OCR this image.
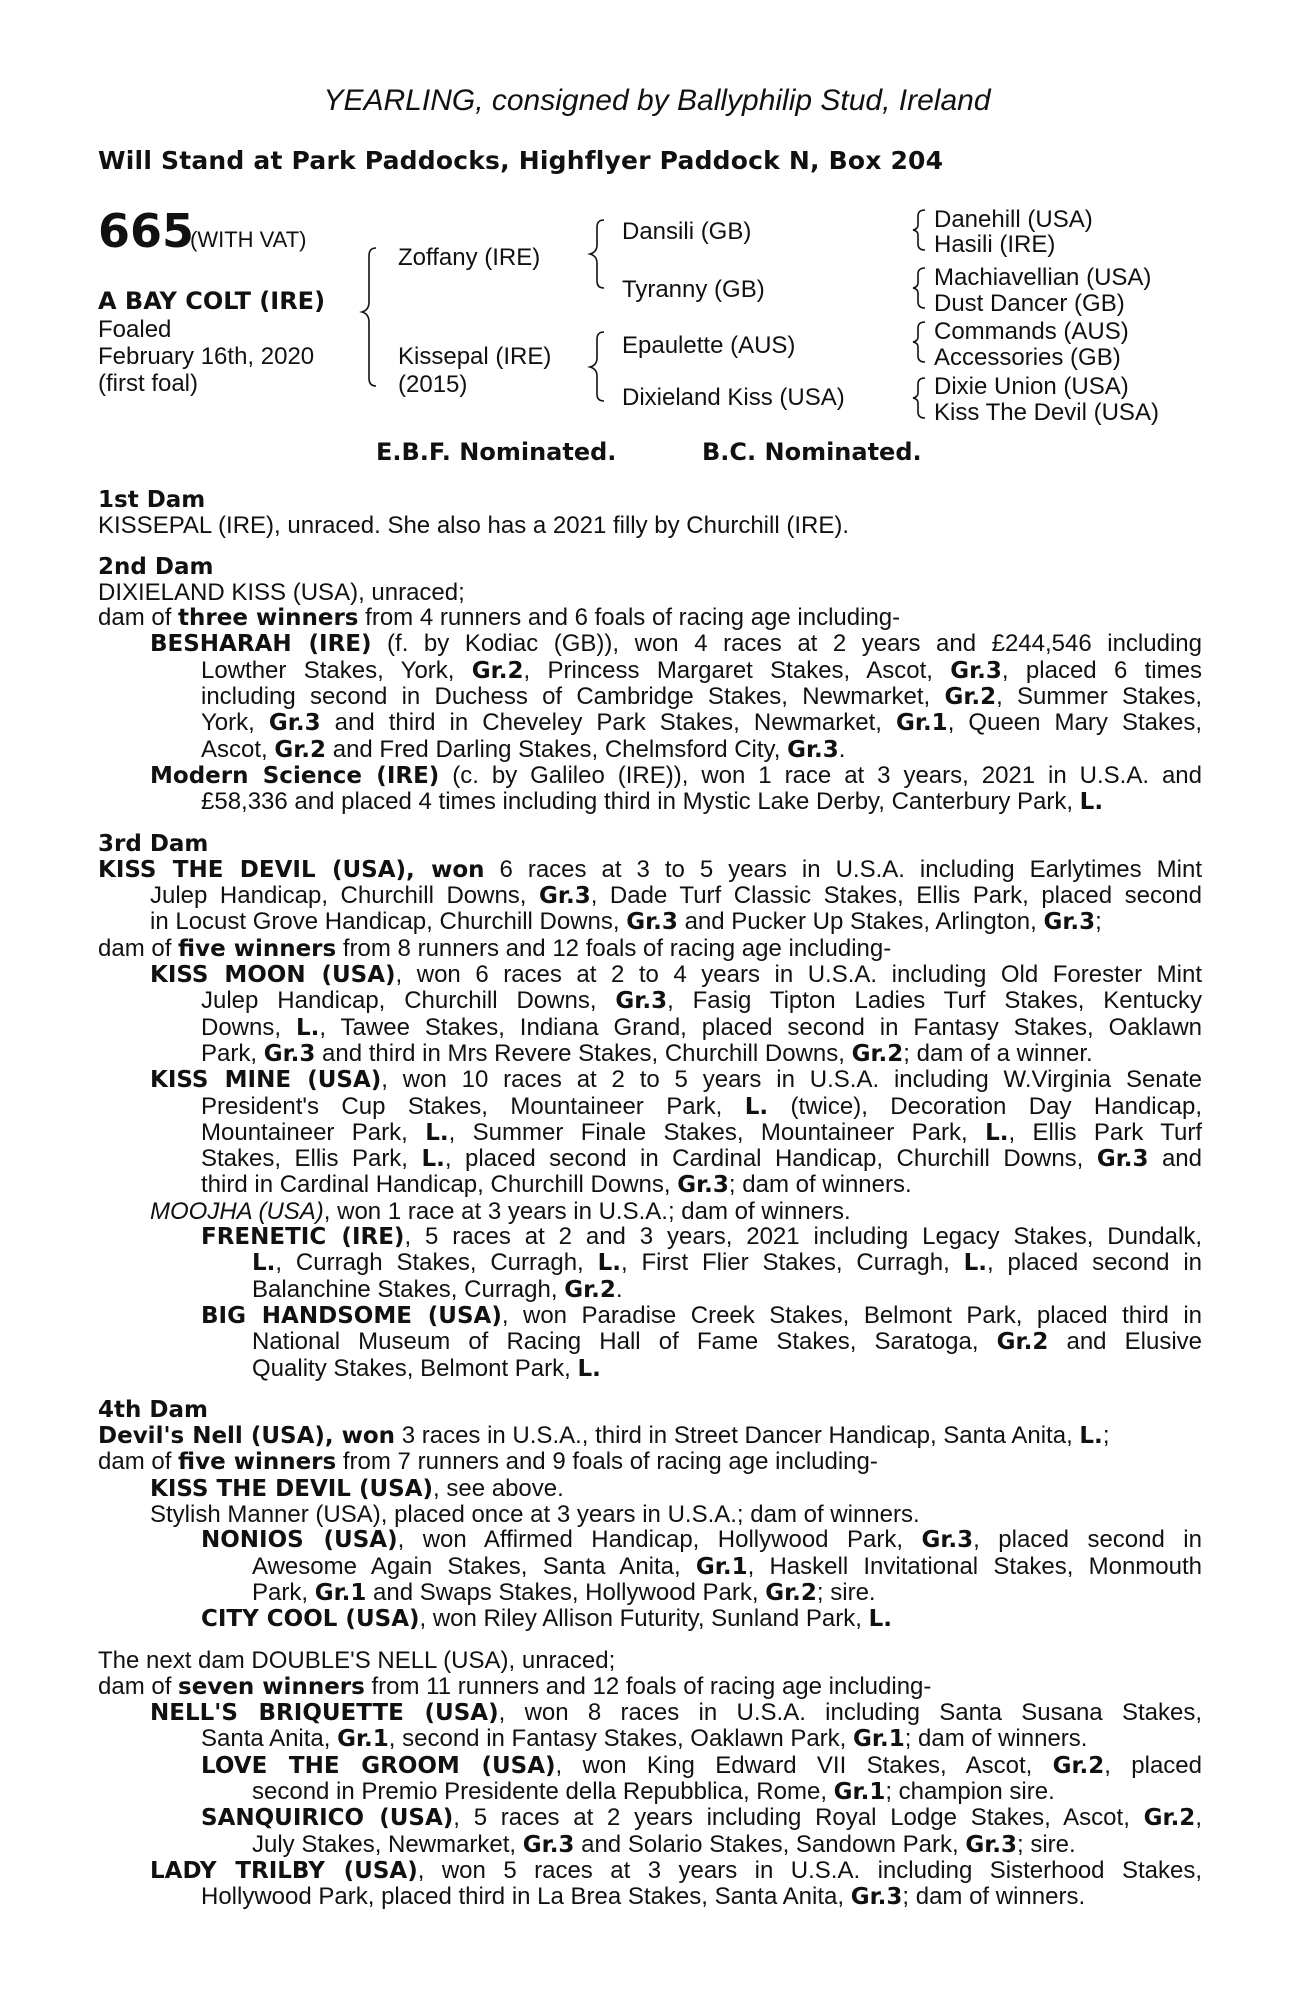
YEARLING, consigned by Ballyphilip Stud, Ireland
Will Stand at Park Paddocks, Highflyer Paddock N, Box 204
665
(WITH VAT)
A BAY COLT (IRE)
Foaled
February 16th, 2020
(first foal)
Zoffany (IRE)
Kissepal (IRE)
(2015)
Dansili (GB)
Tyranny (GB)
Epaulette (AUS)
Dixieland Kiss (USA)
Danehill (USA)
Hasili (IRE)
Machiavellian (USA)
Dust Dancer (GB)
Commands (AUS)
Accessories (GB)
Dixie Union (USA)
Kiss The Devil (USA)
E.B.F. Nominated.	B.C. Nominated.
1st Dam
KISSEPAL (IRE), unraced. She also has a 2021 filly by Churchill (IRE).
2nd Dam
DIXIELAND KISS (USA), unraced;
dam of three winners from 4 runners and 6 foals of racing age including-
BESHARAH (IRE) (f. by Kodiac (GB)), won 4 races at 2 years and £244,546 including
Lowther Stakes, York, Gr.2, Princess Margaret Stakes, Ascot, Gr.3, placed 6 times
including second in Duchess of Cambridge Stakes, Newmarket, Gr.2, Summer Stakes,
York, Gr.3 and third in Cheveley Park Stakes, Newmarket, Gr.1, Queen Mary Stakes,
Ascot, Gr.2 and Fred Darling Stakes, Chelmsford City, Gr.3.
Modern Science (IRE) (c. by Galileo (IRE)), won 1 race at 3 years, 2021 in U.S.A. and
£58,336 and placed 4 times including third in Mystic Lake Derby, Canterbury Park, L.
3rd Dam
KISS THE DEVIL (USA), won 6 races at 3 to 5 years in U.S.A. including Earlytimes Mint
Julep Handicap, Churchill Downs, Gr.3, Dade Turf Classic Stakes, Ellis Park, placed second
in Locust Grove Handicap, Churchill Downs, Gr.3 and Pucker Up Stakes, Arlington, Gr.3;
dam of five winners from 8 runners and 12 foals of racing age including-
KISS MOON (USA), won 6 races at 2 to 4 years in U.S.A. including Old Forester Mint
Julep Handicap, Churchill Downs, Gr.3, Fasig Tipton Ladies Turf Stakes, Kentucky
Downs, L., Tawee Stakes, Indiana Grand, placed second in Fantasy Stakes, Oaklawn
Park, Gr.3 and third in Mrs Revere Stakes, Churchill Downs, Gr.2; dam of a winner.
KISS MINE (USA), won 10 races at 2 to 5 years in U.S.A. including W.Virginia Senate
President's Cup Stakes, Mountaineer Park, L. (twice), Decoration Day Handicap,
Mountaineer Park, L., Summer Finale Stakes, Mountaineer Park, L., Ellis Park Turf
Stakes, Ellis Park, L., placed second in Cardinal Handicap, Churchill Downs, Gr.3 and
third in Cardinal Handicap, Churchill Downs, Gr.3; dam of winners.
MOOJHA (USA), won 1 race at 3 years in U.S.A.; dam of winners.
FRENETIC (IRE), 5 races at 2 and 3 years, 2021 including Legacy Stakes, Dundalk,
L., Curragh Stakes, Curragh, L., First Flier Stakes, Curragh, L., placed second in
Balanchine Stakes, Curragh, Gr.2.
BIG HANDSOME (USA), won Paradise Creek Stakes, Belmont Park, placed third in
National Museum of Racing Hall of Fame Stakes, Saratoga, Gr.2 and Elusive
Quality Stakes, Belmont Park, L.
4th Dam
Devil's Nell (USA), won 3 races in U.S.A., third in Street Dancer Handicap, Santa Anita, L.;
dam of five winners from 7 runners and 9 foals of racing age including-
KISS THE DEVIL (USA), see above.
Stylish Manner (USA), placed once at 3 years in U.S.A.; dam of winners.
NONIOS (USA), won Affirmed Handicap, Hollywood Park, Gr.3, placed second in
Awesome Again Stakes, Santa Anita, Gr.1, Haskell Invitational Stakes, Monmouth
Park, Gr.1 and Swaps Stakes, Hollywood Park, Gr.2; sire.
CITY COOL (USA), won Riley Allison Futurity, Sunland Park, L.
The next dam DOUBLE'S NELL (USA), unraced;
dam of seven winners from 11 runners and 12 foals of racing age including-
NELL'S BRIQUETTE (USA), won 8 races in U.S.A. including Santa Susana Stakes,
Santa Anita, Gr.1, second in Fantasy Stakes, Oaklawn Park, Gr.1; dam of winners.
LOVE THE GROOM (USA), won King Edward VII Stakes, Ascot, Gr.2, placed
second in Premio Presidente della Repubblica, Rome, Gr.1; champion sire.
SANQUIRICO (USA), 5 races at 2 years including Royal Lodge Stakes, Ascot, Gr.2,
July Stakes, Newmarket, Gr.3 and Solario Stakes, Sandown Park, Gr.3; sire.
LADY TRILBY (USA), won 5 races at 3 years in U.S.A. including Sisterhood Stakes,
Hollywood Park, placed third in La Brea Stakes, Santa Anita, Gr.3; dam of winners.
